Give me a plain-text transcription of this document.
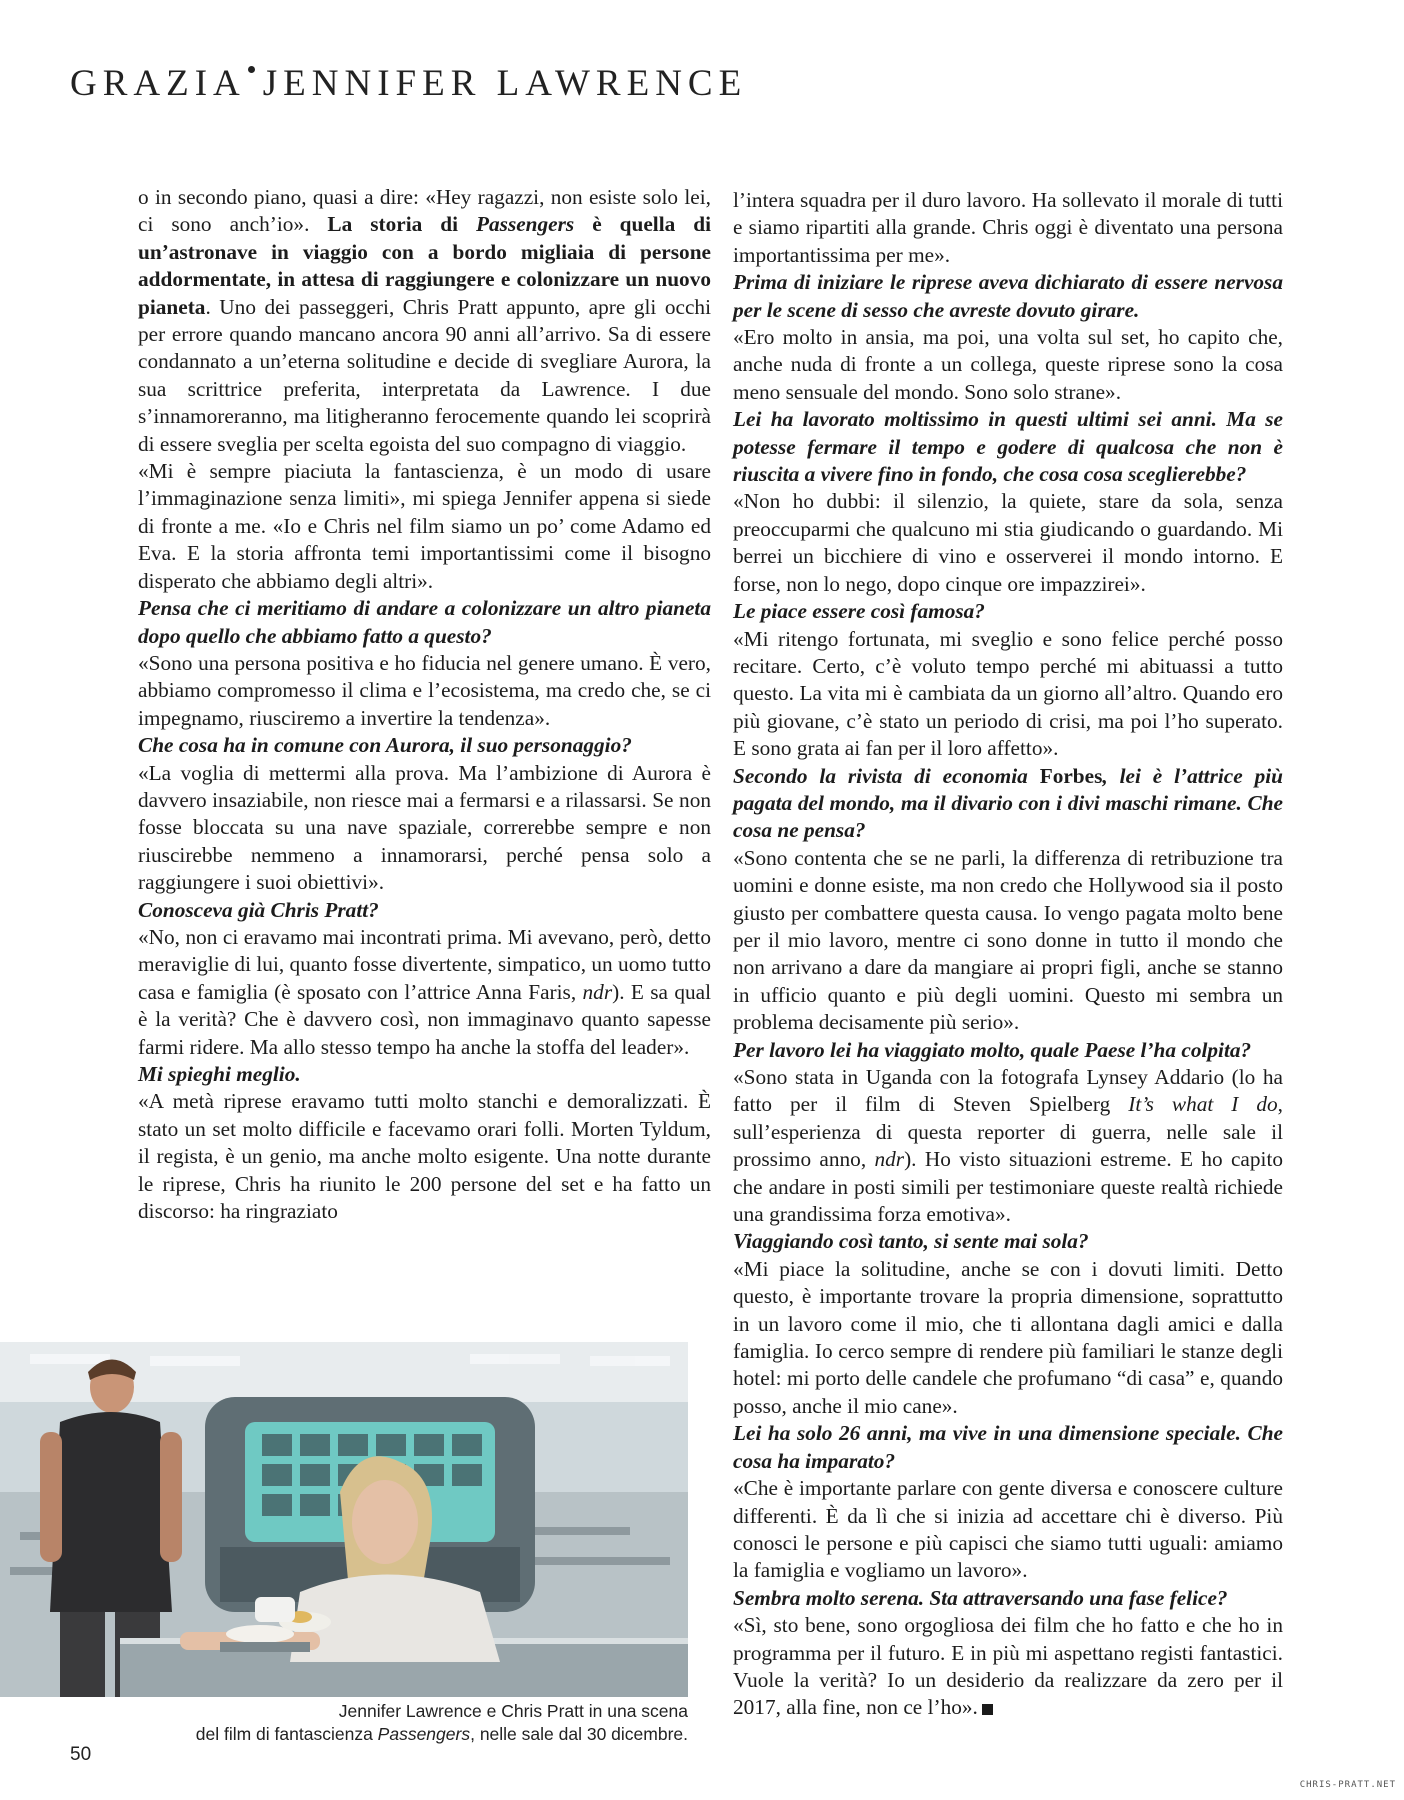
GRAZIA JENNIFER LAWRENCE

o in secondo piano, quasi a dire: «Hey ragazzi, non esiste solo lei, ci sono anch’io». La storia di Passengers è quella di un’astronave in viaggio con a bordo migliaia di persone addormentate, in attesa di raggiungere e colonizzare un nuovo pianeta. Uno dei passeggeri, Chris Pratt appunto, apre gli occhi per errore quando mancano ancora 90 anni all’arrivo. Sa di essere condannato a un’eterna solitudine e decide di svegliare Aurora, la sua scrittrice preferita, interpretata da Lawrence. I due s’innamoreranno, ma litigheranno ferocemente quando lei scoprirà di essere sveglia per scelta egoista del suo compagno di viaggio.

«Mi è sempre piaciuta la fantascienza, è un modo di usare l’immaginazione senza limiti», mi spiega Jennifer appena si siede di fronte a me. «Io e Chris nel film siamo un po’ come Adamo ed Eva. E la storia affronta temi importantissimi come il bisogno disperato che abbiamo degli altri».

Pensa che ci meritiamo di andare a colonizzare un altro pianeta dopo quello che abbiamo fatto a questo?

«Sono una persona positiva e ho fiducia nel genere umano. È vero, abbiamo compromesso il clima e l’ecosistema, ma credo che, se ci impegnamo, riusciremo a invertire la tendenza».

Che cosa ha in comune con Aurora, il suo personaggio?

«La voglia di mettermi alla prova. Ma l’ambizione di Aurora è davvero insaziabile, non riesce mai a fermarsi e a rilassarsi. Se non fosse bloccata su una nave spaziale, correrebbe sempre e non riuscirebbe nemmeno a innamorarsi, perché pensa solo a raggiungere i suoi obiettivi».

Conosceva già Chris Pratt?

«No, non ci eravamo mai incontrati prima. Mi avevano, però, detto meraviglie di lui, quanto fosse divertente, simpatico, un uomo tutto casa e famiglia (è sposato con l’attrice Anna Faris, ndr). E sa qual è la verità? Che è davvero così, non immaginavo quanto sapesse farmi ridere. Ma allo stesso tempo ha anche la stoffa del leader».

Mi spieghi meglio.

«A metà riprese eravamo tutti molto stanchi e demoralizzati. È stato un set molto difficile e facevamo orari folli. Morten Tyldum, il regista, è un genio, ma anche molto esigente. Una notte durante le riprese, Chris ha riunito le 200 persone del set e ha fatto un discorso: ha ringraziato

l’intera squadra per il duro lavoro. Ha sollevato il morale di tutti e siamo ripartiti alla grande. Chris oggi è diventato una persona importantissima per me».

Prima di iniziare le riprese aveva dichiarato di essere nervosa per le scene di sesso che avreste dovuto girare.

«Ero molto in ansia, ma poi, una volta sul set, ho capito che, anche nuda di fronte a un collega, queste riprese sono la cosa meno sensuale del mondo. Sono solo strane».

Lei ha lavorato moltissimo in questi ultimi sei anni. Ma se potesse fermare il tempo e godere di qualcosa che non è riuscita a vivere fino in fondo, che cosa cosa sceglierebbe?

«Non ho dubbi: il silenzio, la quiete, stare da sola, senza preoccuparmi che qualcuno mi stia giudicando o guardando. Mi berrei un bicchiere di vino e osserverei il mondo intorno. E forse, non lo nego, dopo cinque ore impazzirei».

Le piace essere così famosa?

«Mi ritengo fortunata, mi sveglio e sono felice perché posso recitare. Certo, c’è voluto tempo perché mi abituassi a tutto questo. La vita mi è cambiata da un giorno all’altro. Quando ero più giovane, c’è stato un periodo di crisi, ma poi l’ho superato. E sono grata ai fan per il loro affetto».

Secondo la rivista di economia Forbes, lei è l’attrice più pagata del mondo, ma il divario con i divi maschi rimane. Che cosa ne pensa?

«Sono contenta che se ne parli, la differenza di retribuzione tra uomini e donne esiste, ma non credo che Hollywood sia il posto giusto per combattere questa causa. Io vengo pagata molto bene per il mio lavoro, mentre ci sono donne in tutto il mondo che non arrivano a dare da mangiare ai propri figli, anche se stanno in ufficio quanto e più degli uomini. Questo mi sembra un problema decisamente più serio».

Per lavoro lei ha viaggiato molto, quale Paese l’ha colpita?

«Sono stata in Uganda con la fotografa Lynsey Addario (lo ha fatto per il film di Steven Spielberg It’s what I do, sull’esperienza di questa reporter di guerra, nelle sale il prossimo anno, ndr). Ho visto situazioni estreme. E ho capito che andare in posti simili per testimoniare queste realtà richiede una grandissima forza emotiva».

Viaggiando così tanto, si sente mai sola?

«Mi piace la solitudine, anche se con i dovuti limiti. Detto questo, è importante trovare la propria dimensione, soprattutto in un lavoro come il mio, che ti allontana dagli amici e dalla famiglia. Io cerco sempre di rendere più familiari le stanze degli hotel: mi porto delle candele che profumano “di casa” e, quando posso, anche il mio cane».

Lei ha solo 26 anni, ma vive in una dimensione speciale. Che cosa ha imparato?

«Che è importante parlare con gente diversa e conoscere culture differenti. È da lì che si inizia ad accettare chi è diverso. Più conosci le persone e più capisci che siamo tutti uguali: amiamo la famiglia e vogliamo un lavoro».

Sembra molto serena. Sta attraversando una fase felice?

«Sì, sto bene, sono orgogliosa dei film che ho fatto e che ho in programma per il futuro. E in più mi aspettano registi fantastici. Vuole la verità? Io un desiderio da realizzare da zero per il 2017, alla fine, non ce l’ho».

Jennifer Lawrence e Chris Pratt in una scena
del film di fantascienza Passengers, nelle sale dal 30 dicembre.
50
CHRIS-PRATT.NET
